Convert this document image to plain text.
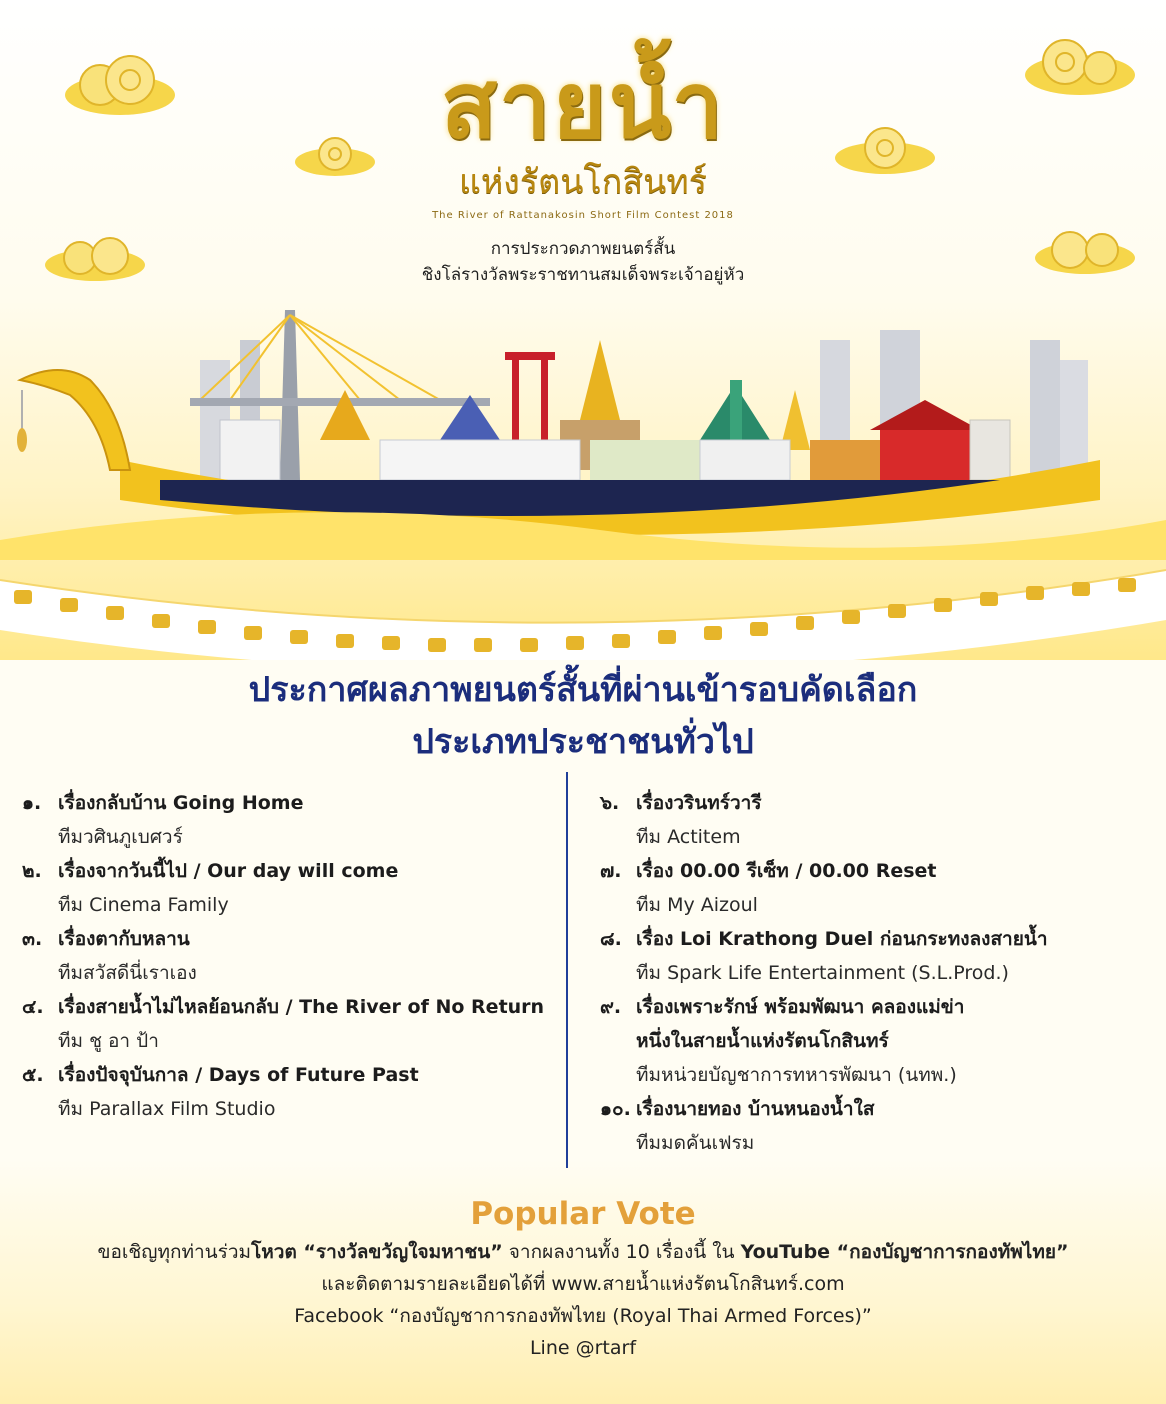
สายน้ำ
แห่งรัตนโกสินทร์
The River of Rattanakosin Short Film Contest 2018
การประกวดภาพยนตร์สั้น
ชิงโล่รางวัลพระราชทานสมเด็จพระเจ้าอยู่หัว
ประกาศผลภาพยนตร์สั้นที่ผ่านเข้ารอบคัดเลือก
ประเภทประชาชนทั่วไป
๑. เรื่องกลับบ้าน Going Home
ทีมวศินภูเบศวร์
๒. เรื่องจากวันนี้ไป / Our day will come
ทีม Cinema Family
๓. เรื่องตากับหลาน
ทีมสวัสดีนี่เราเอง
๔. เรื่องสายน้ำไม่ไหลย้อนกลับ / The River of No Return
ทีม ชู อา ป้า
๕. เรื่องปัจจุบันกาล / Days of Future Past
ทีม Parallax Film Studio
๖. เรื่องวรินทร์วารี
ทีม Actitem
๗. เรื่อง 00.00 รีเซ็ท / 00.00 Reset
ทีม My Aizoul
๘. เรื่อง Loi Krathong Duel ก่อนกระทงลงสายน้ำ
ทีม Spark Life Entertainment (S.L.Prod.)
๙. เรื่องเพราะรักษ์ พร้อมพัฒนา คลองแม่ข่า
หนึ่งในสายน้ำแห่งรัตนโกสินทร์
ทีมหน่วยบัญชาการทหารพัฒนา (นทพ.)
๑๐. เรื่องนายทอง บ้านหนองน้ำใส
ทีมมดคันเฟรม
Popular Vote
ขอเชิญทุกท่านร่วมโหวต “รางวัลขวัญใจมหาชน” จากผลงานทั้ง 10 เรื่องนี้ ใน YouTube “กองบัญชาการกองทัพไทย”
และติดตามรายละเอียดได้ที่ www.สายน้ำแห่งรัตนโกสินทร์.com
Facebook “กองบัญชาการกองทัพไทย (Royal Thai Armed Forces)”
Line @rtarf
